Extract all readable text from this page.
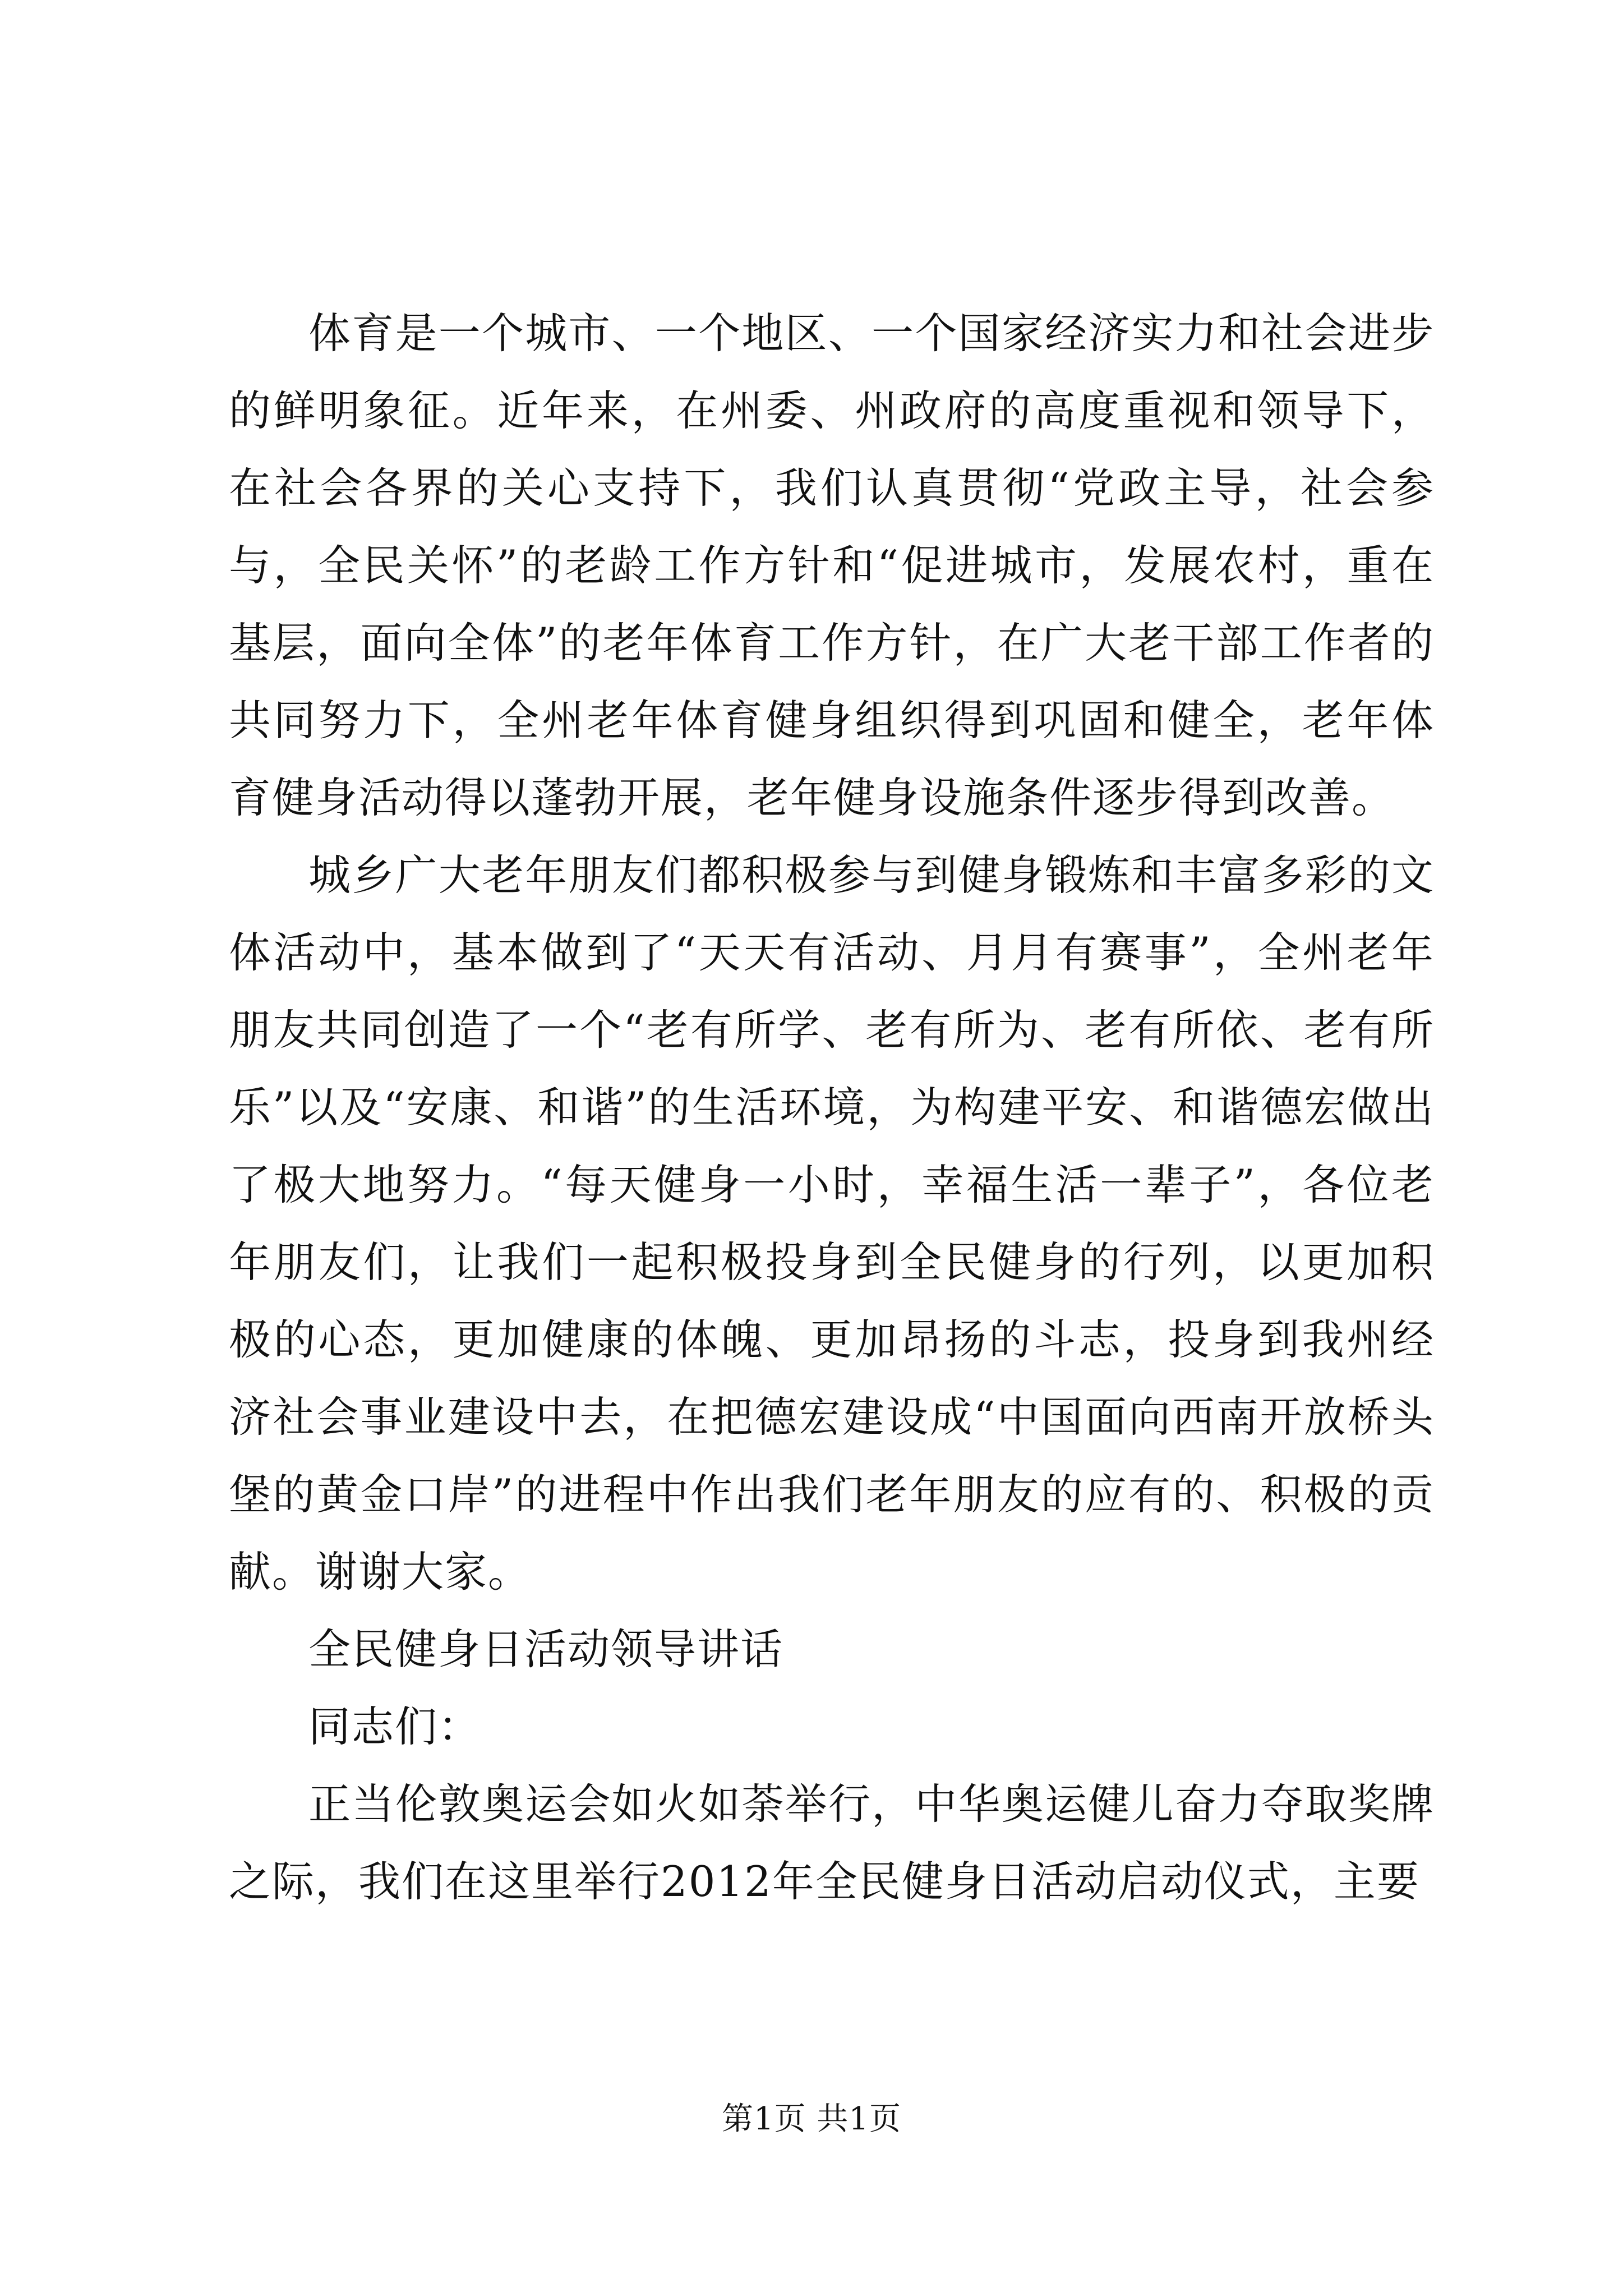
体育是一个城市、一个地区、一个国家经济实力和社会进步的鲜明象征。近年来，在州委、州政府的高度重视和领导下，在社会各界的关心支持下，我们认真贯彻“党政主导，社会参与，全民关怀”的老龄工作方针和“促进城市，发展农村，重在基层，面向全体”的老年体育工作方针，在广大老干部工作者的共同努力下，全州老年体育健身组织得到巩固和健全，老年体育健身活动得以蓬勃开展，老年健身设施条件逐步得到改善。

城乡广大老年朋友们都积极参与到健身锻炼和丰富多彩的文体活动中，基本做到了“天天有活动、月月有赛事”，全州老年朋友共同创造了一个“老有所学、老有所为、老有所依、老有所乐”以及“安康、和谐”的生活环境，为构建平安、和谐德宏做出了极大地努力。“每天健身一小时，幸福生活一辈子”，各位老年朋友们，让我们一起积极投身到全民健身的行列，以更加积极的心态，更加健康的体魄、更加昂扬的斗志，投身到我州经济社会事业建设中去，在把德宏建设成“中国面向西南开放桥头堡的黄金口岸”的进程中作出我们老年朋友的应有的、积极的贡献。谢谢大家。

全民健身日活动领导讲话

同志们：

正当伦敦奥运会如火如荼举行，中华奥运健儿奋力夺取奖牌之际，我们在这里举行2012年全民健身日活动启动仪式，主要

第1页 共1页
